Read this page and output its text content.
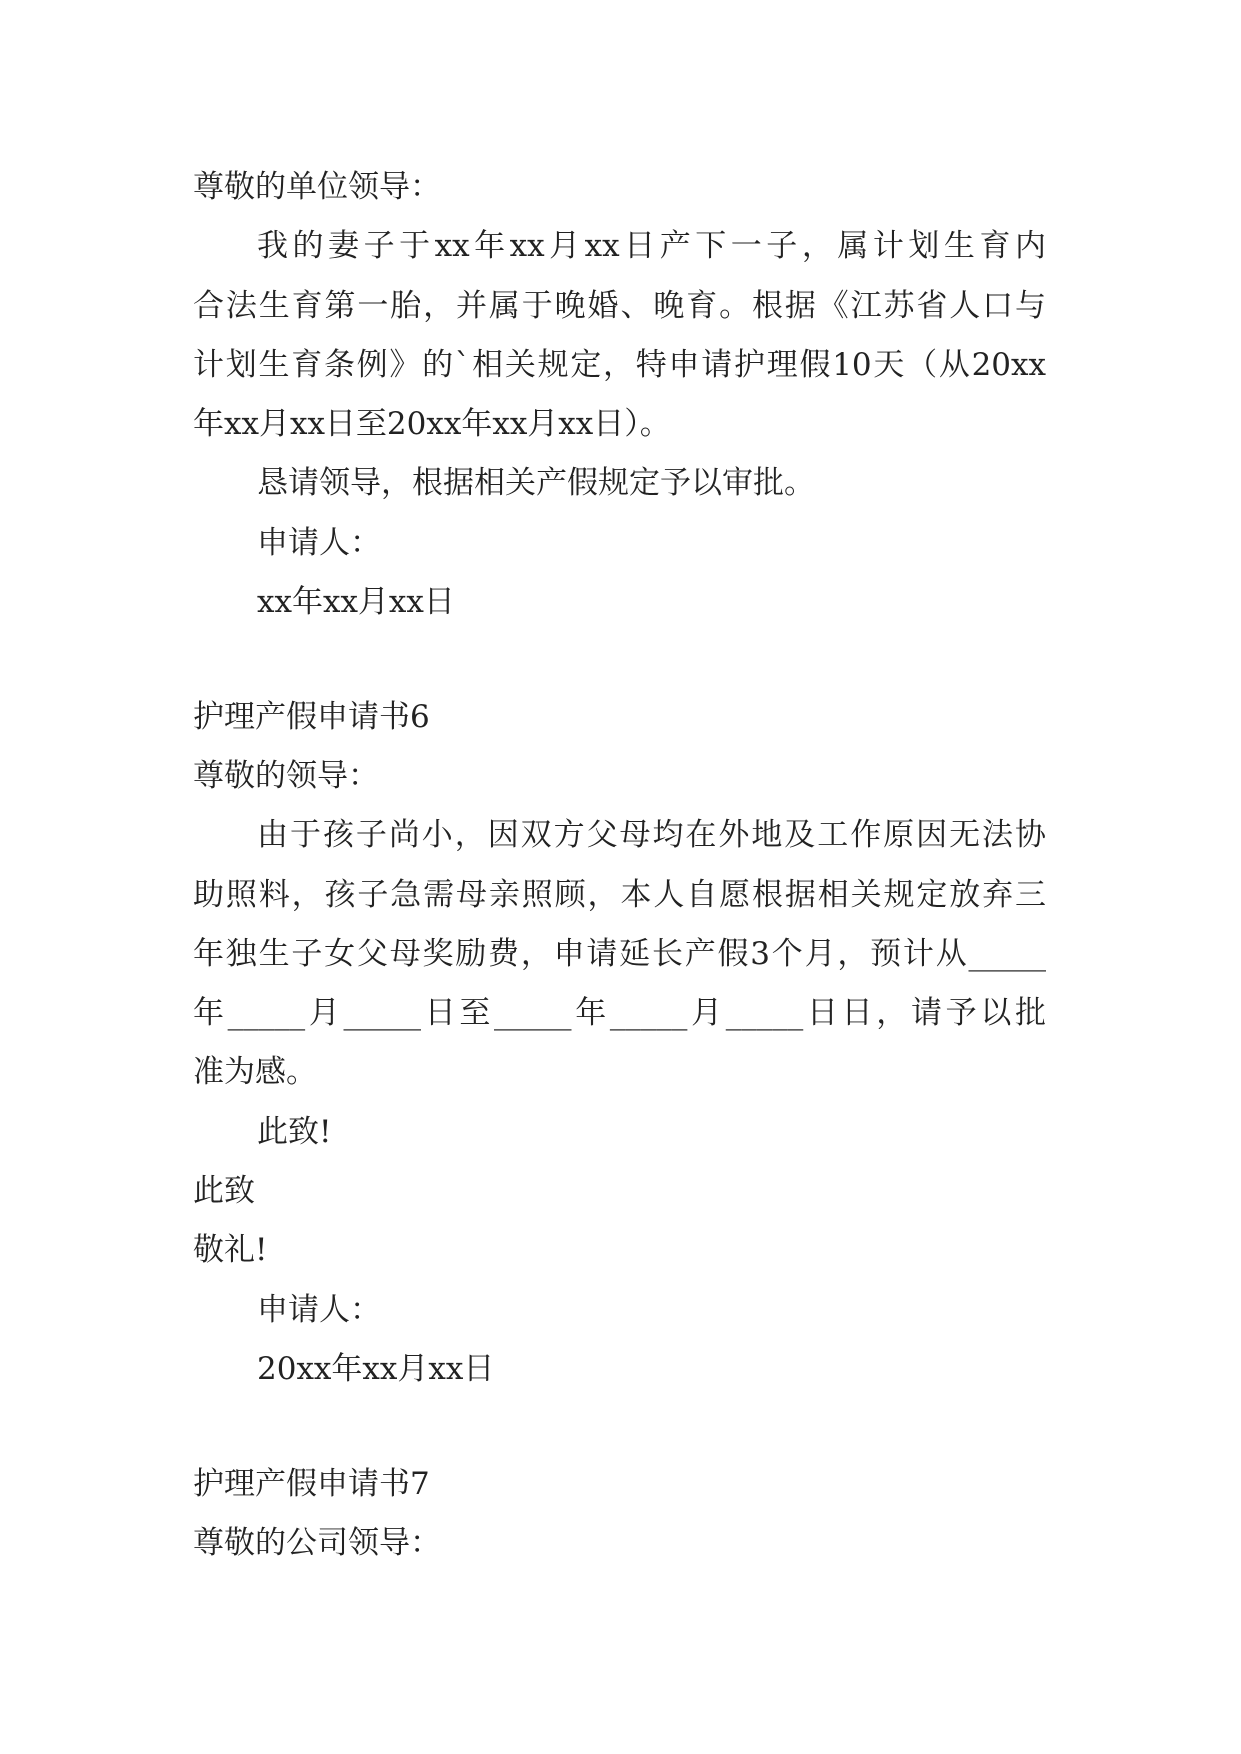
尊敬的单位领导：
我的妻子于xx年xx月xx日产下一子，属计划生育内
合法生育第一胎，并属于晚婚、晚育。根据《江苏省人口与
计划生育条例》的`相关规定，特申请护理假10天（从20xx
年xx月xx日至20xx年xx月xx日）。
恳请领导，根据相关产假规定予以审批。
申请人：
xx年xx月xx日
护理产假申请书6
尊敬的领导：
由于孩子尚小，因双方父母均在外地及工作原因无法协
助照料，孩子急需母亲照顾，本人自愿根据相关规定放弃三
年独生子女父母奖励费，申请延长产假3个月，预计从_____
年_____月_____日至_____年_____月_____日日，请予以批
准为感。
此致!
此致
敬礼!
申请人：
20xx年xx月xx日
护理产假申请书7
尊敬的公司领导：
